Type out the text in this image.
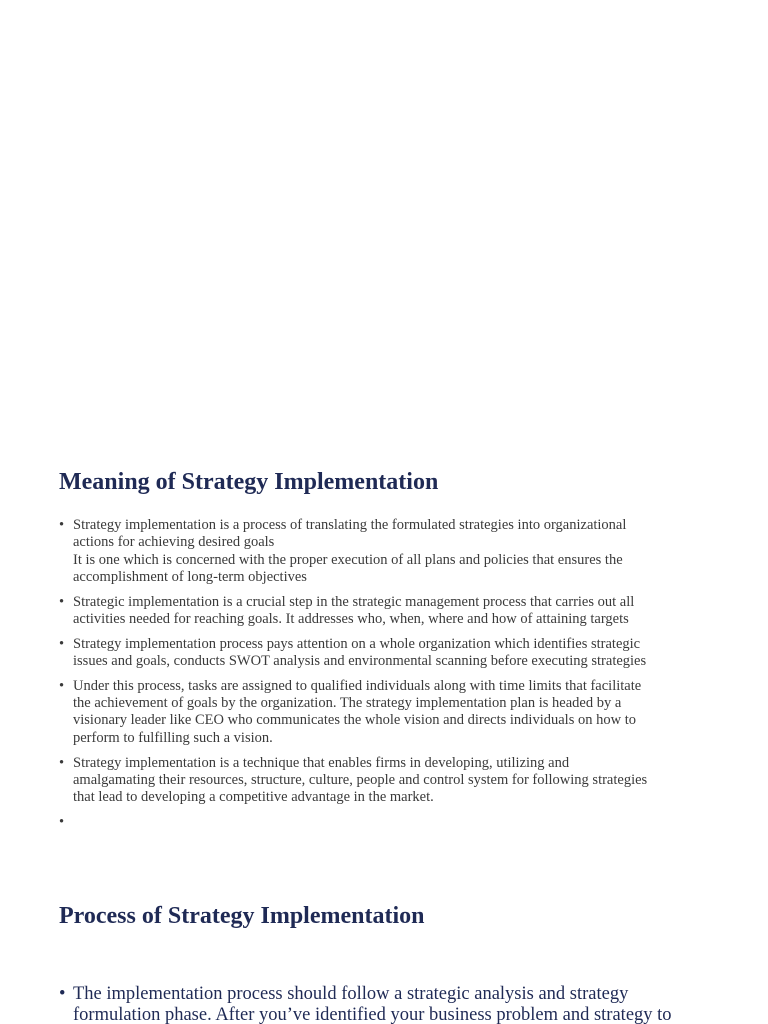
Meaning of Strategy Implementation
• Strategy implementation is a process of translating the formulated strategies into organizational
actions for achieving desired goals
It is one which is concerned with the proper execution of all plans and policies that ensures the
accomplishment of long-term objectives
• Strategic implementation is a crucial step in the strategic management process that carries out all
activities needed for reaching goals. It addresses who, when, where and how of attaining targets
• Strategy implementation process pays attention on a whole organization which identifies strategic
issues and goals, conducts SWOT analysis and environmental scanning before executing strategies
• Under this process, tasks are assigned to qualified individuals along with time limits that facilitate
the achievement of goals by the organization. The strategy implementation plan is headed by a
visionary leader like CEO who communicates the whole vision and directs individuals on how to
perform to fulfilling such a vision.
• Strategy implementation is a technique that enables firms in developing, utilizing and
amalgamating their resources, structure, culture, people and control system for following strategies
that lead to developing a competitive advantage in the market.
•
Process of Strategy Implementation
• The implementation process should follow a strategic analysis and strategy
formulation phase. After you’ve identified your business problem and strategy to
